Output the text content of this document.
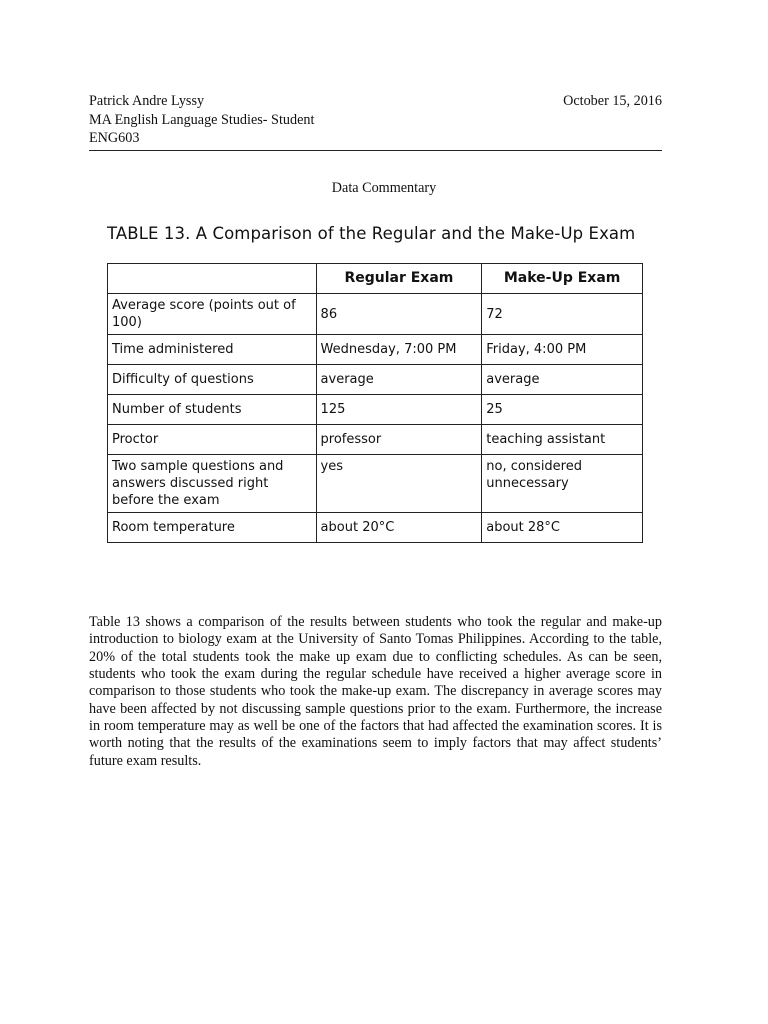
Patrick Andre Lyssy	October 15, 2016
MA English Language Studies- Student
ENG603
Data Commentary
TABLE 13. A Comparison of the Regular and the Make-Up Exam
	Regular Exam	Make-Up Exam
Average score (points out of 100)	86	72
Time administered	Wednesday, 7:00 PM	Friday, 4:00 PM
Difficulty of questions	average	average
Number of students	125	25
Proctor	professor	teaching assistant
Two sample questions and answers discussed right before the exam	yes	no, considered unnecessary
Room temperature	about 20°C	about 28°C

Table 13 shows a comparison of the results between students who took the regular and make-up introduction to biology exam at the University of Santo Tomas Philippines. According to the table, 20% of the total students took the make up exam due to conflicting schedules. As can be seen, students who took the exam during the regular schedule have received a higher average score in comparison to those students who took the make-up exam. The discrepancy in average scores may have been affected by not discussing sample questions prior to the exam. Furthermore, the increase in room temperature may as well be one of the factors that had affected the examination scores. It is worth noting that the results of the examinations seem to imply factors that may affect students’ future exam results.
